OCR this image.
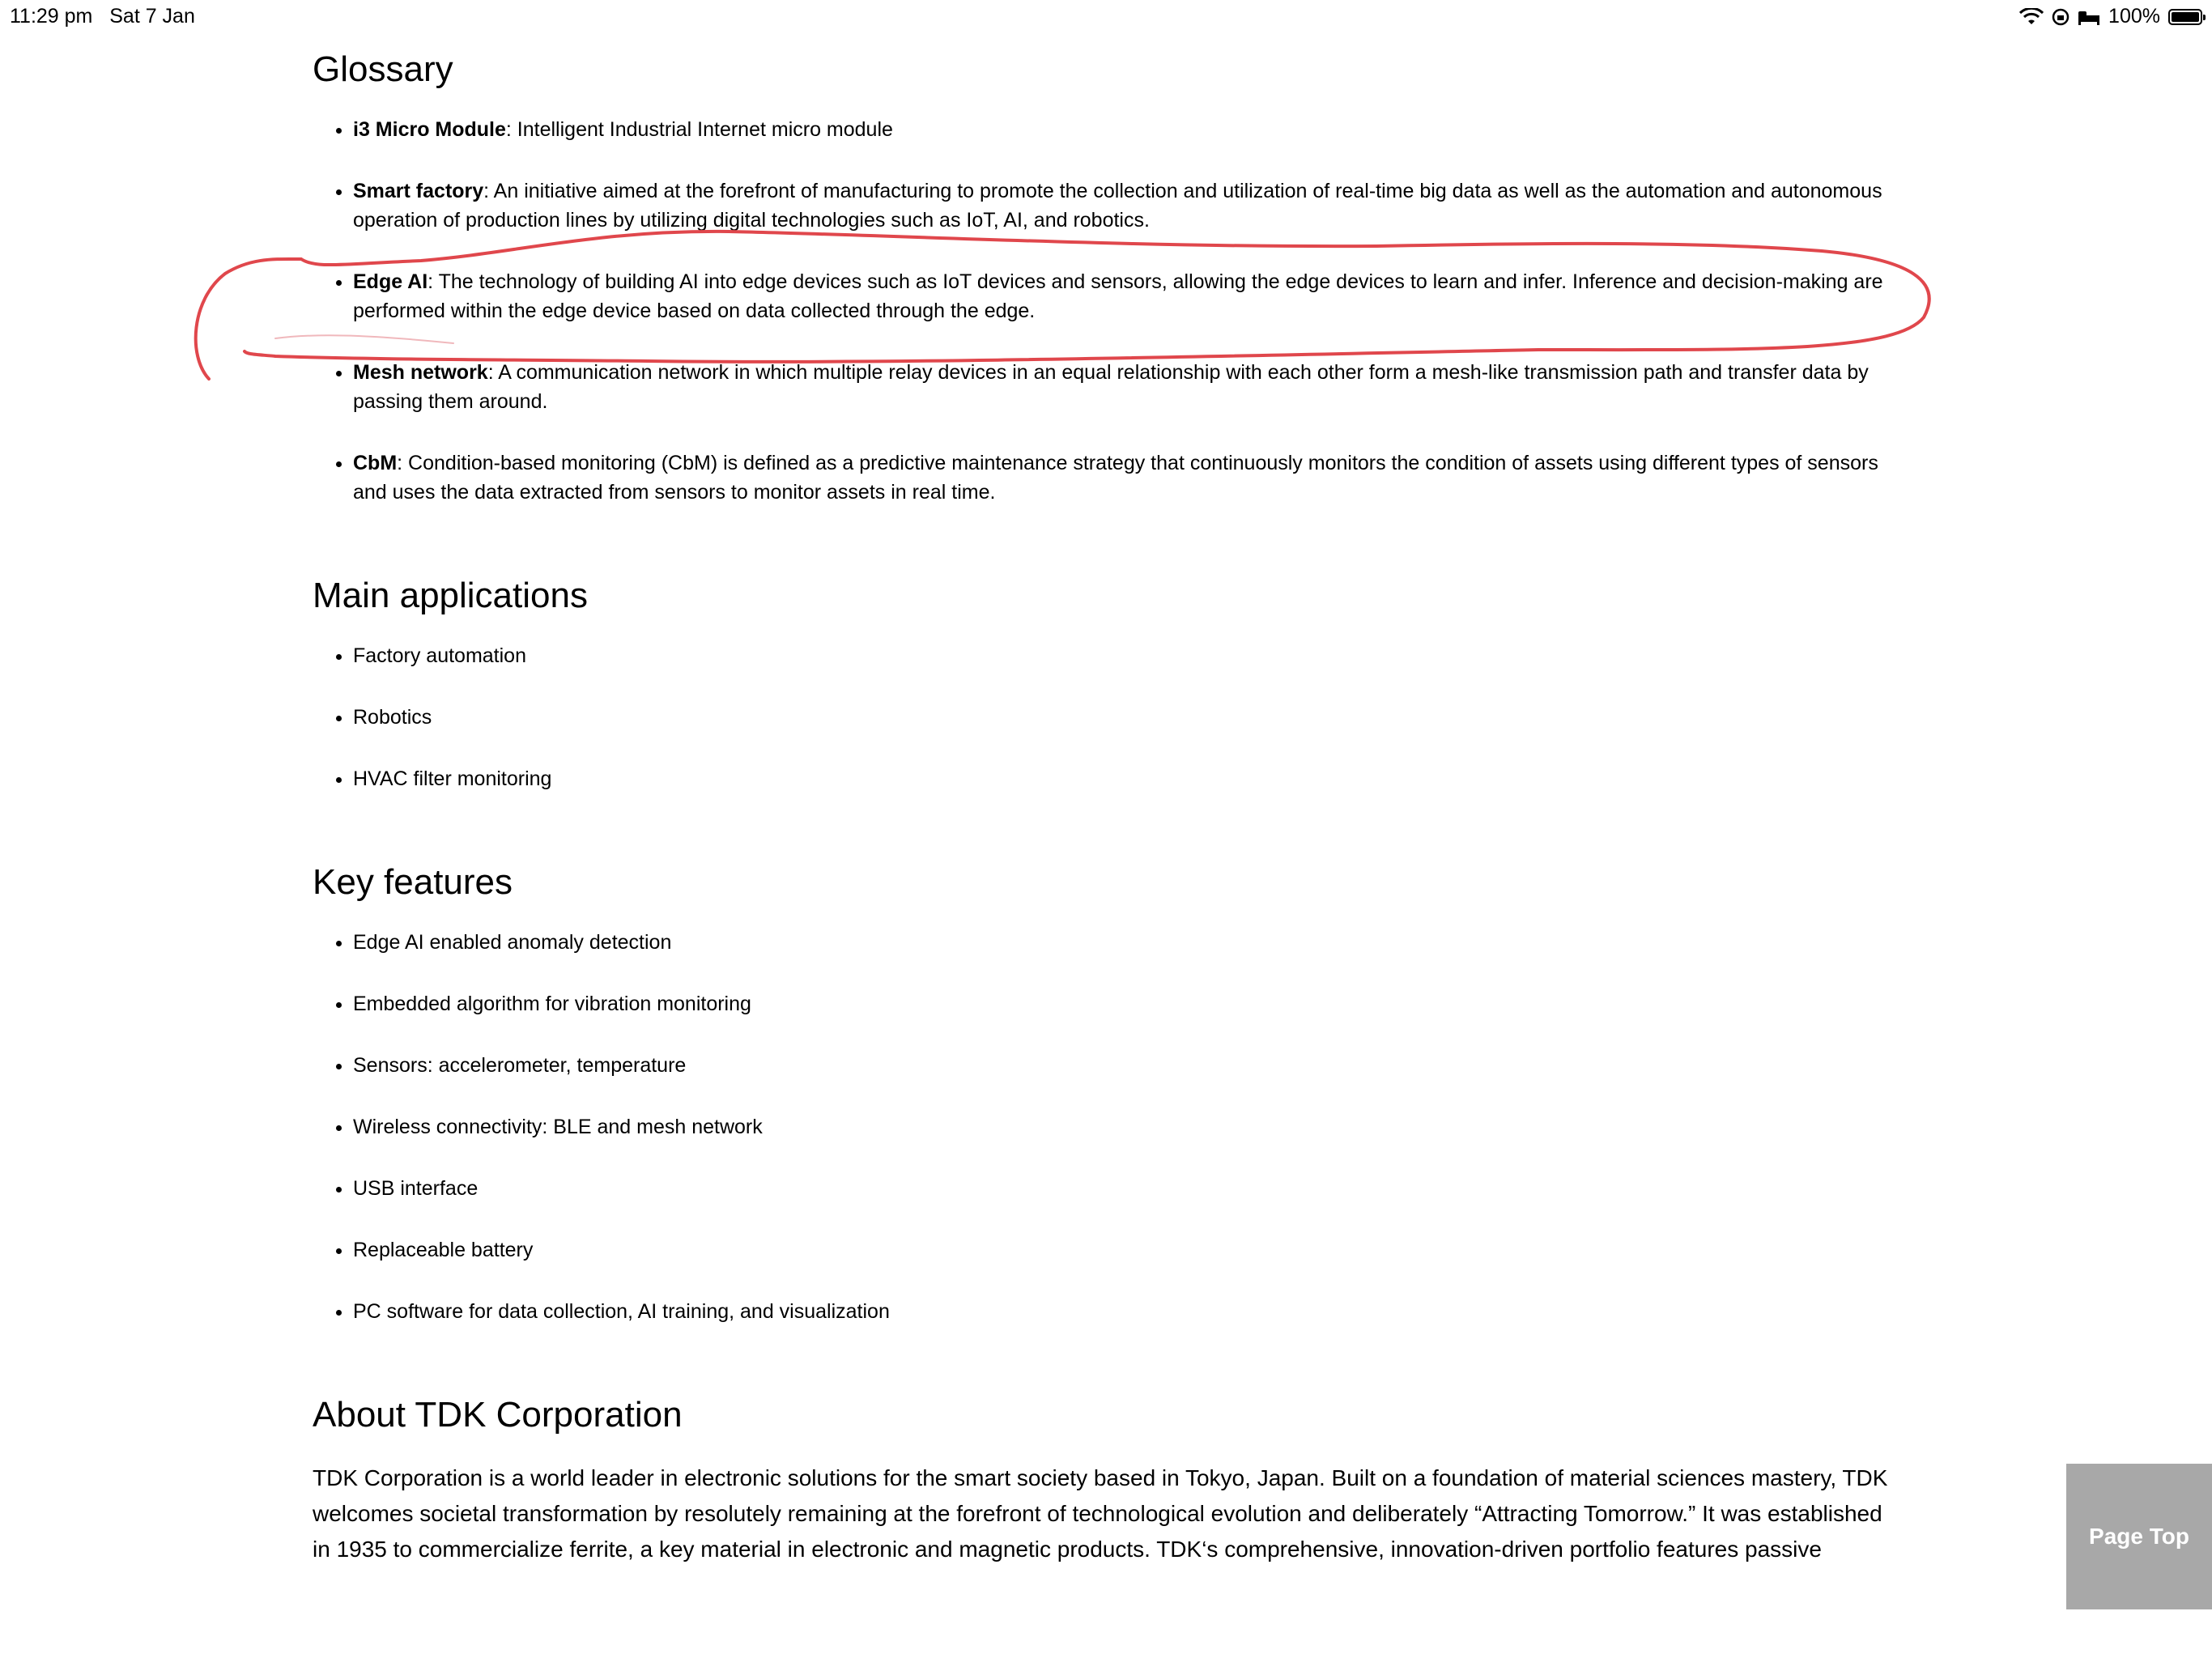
11:29 pm Sat 7 Jan	100%
Glossary
• i3 Micro Module: Intelligent Industrial Internet micro module
• Smart factory: An initiative aimed at the forefront of manufacturing to promote the collection and utilization of real-time big data as well as the automation and autonomous operation of production lines by utilizing digital technologies such as IoT, AI, and robotics.
• Edge AI: The technology of building AI into edge devices such as IoT devices and sensors, allowing the edge devices to learn and infer. Inference and decision-making are performed within the edge device based on data collected through the edge.
• Mesh network: A communication network in which multiple relay devices in an equal relationship with each other form a mesh-like transmission path and transfer data by passing them around.
• CbM: Condition-based monitoring (CbM) is defined as a predictive maintenance strategy that continuously monitors the condition of assets using different types of sensors and uses the data extracted from sensors to monitor assets in real time.
Main applications
• Factory automation
• Robotics
• HVAC filter monitoring
Key features
• Edge AI enabled anomaly detection
• Embedded algorithm for vibration monitoring
• Sensors: accelerometer, temperature
• Wireless connectivity: BLE and mesh network
• USB interface
• Replaceable battery
• PC software for data collection, AI training, and visualization
About TDK Corporation

TDK Corporation is a world leader in electronic solutions for the smart society based in Tokyo, Japan. Built on a foundation of material sciences mastery, TDK welcomes societal transformation by resolutely remaining at the forefront of technological evolution and deliberately “Attracting Tomorrow.” It was established in 1935 to commercialize ferrite, a key material in electronic and magnetic products. TDK‘s comprehensive, innovation-driven portfolio features passive

Page Top
